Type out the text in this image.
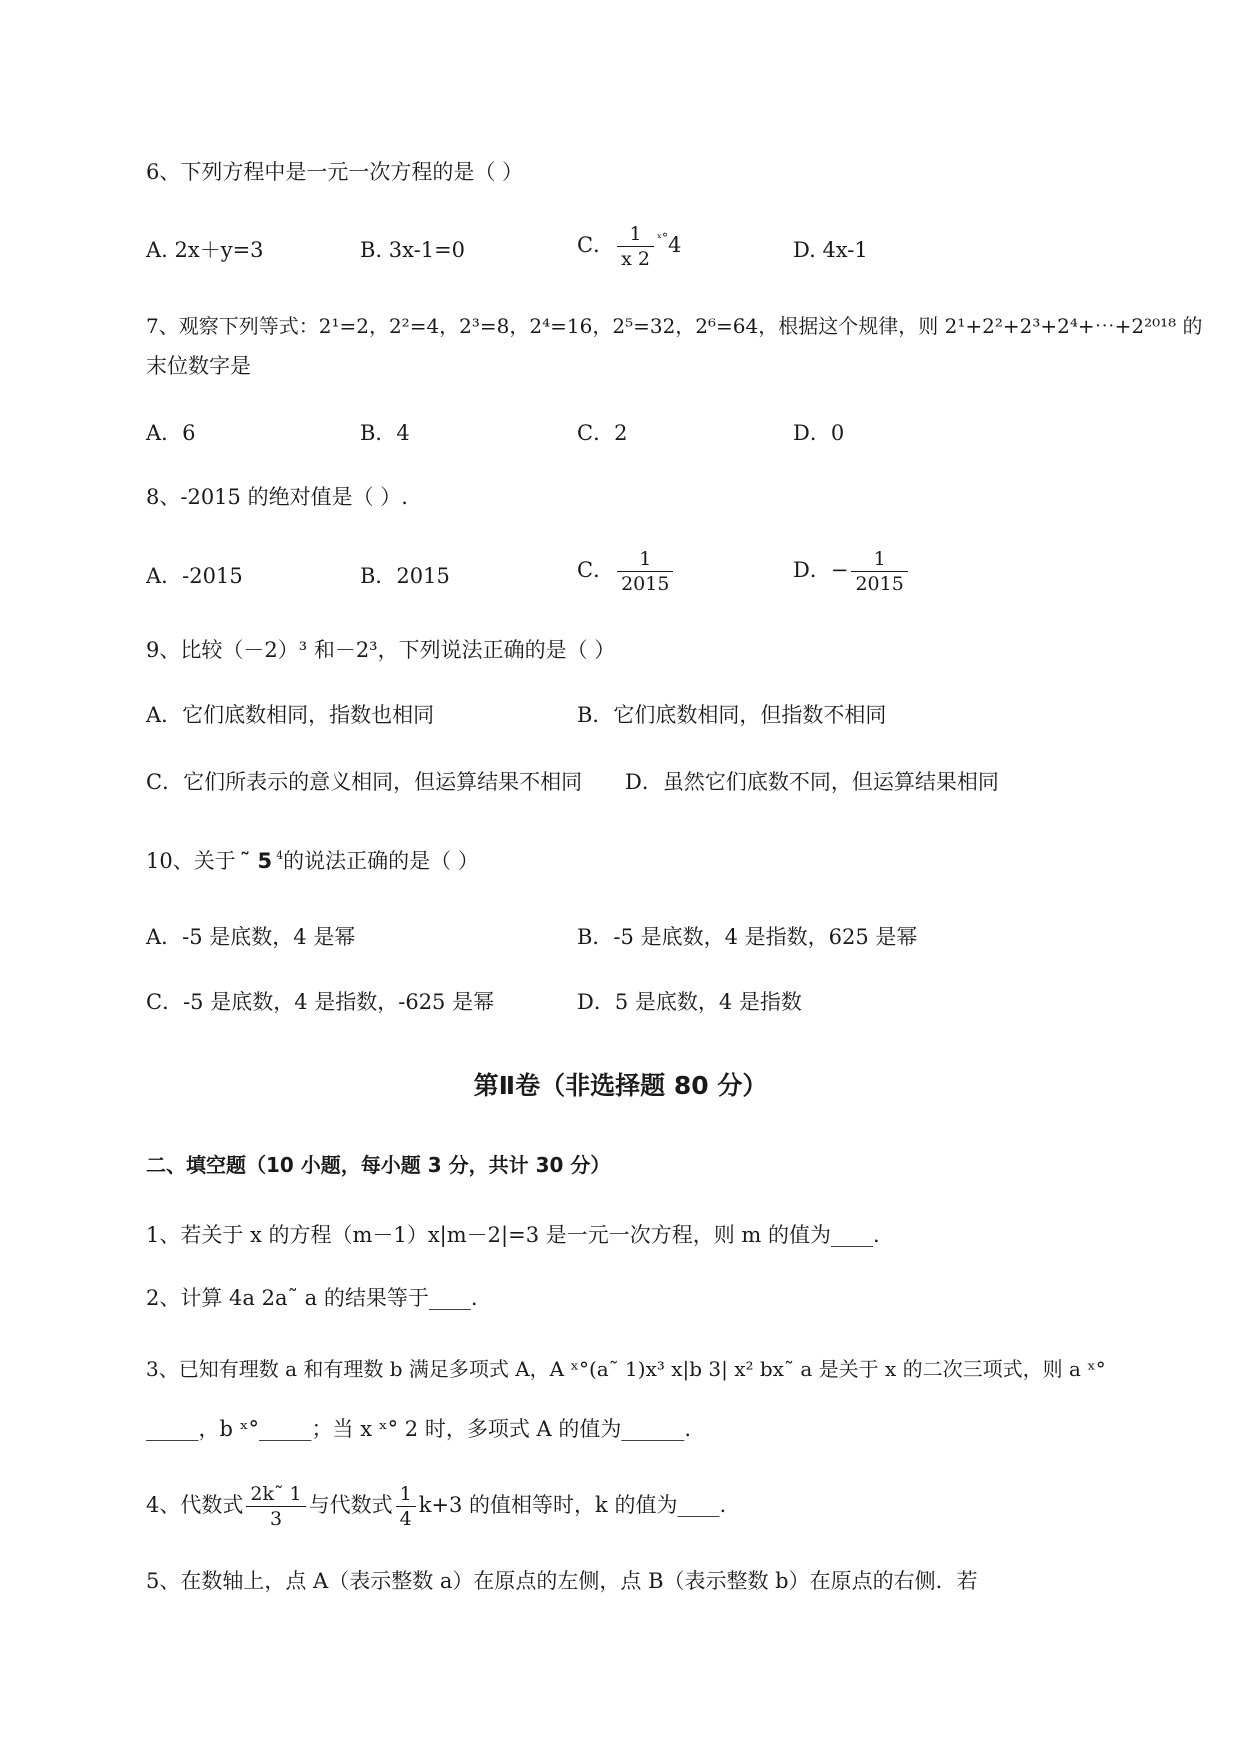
6、下列方程中是一元一次方程的是（ ）
A. 2x＋y=3	B. 3x-1=0	C． $\frac{1}{x 2} ^{ˣ^\circ}4$	D. 4x-1
7、观察下列等式：2¹=2，2²=4，2³=8，2⁴=16，2⁵=32，2⁶=64，根据这个规律，则 2¹+2²+2³+2⁴+⋯+2²⁰¹⁸ 的
末位数字是
A．6	B．4	C．2	D．0
8、-2015 的绝对值是（ ）.
A．-2015	B．2015	C． $\frac{1}{2015}$	D．− $\frac{1}{2015}$
9、比较（－2）³ 和－2³，下列说法正确的是（ ）
A．它们底数相同，指数也相同	B．它们底数相同，但指数不相同
C．它们所表示的意义相同，但运算结果不相同 D．虽然它们底数不同，但运算结果相同
10、关于 ˜ 5 $^4$的说法正确的是（ ）
A．-5 是底数，4 是幂	B．-5 是底数，4 是指数，625 是幂
C．-5 是底数，4 是指数，-625 是幂	D．5 是底数，4 是指数
第Ⅱ卷（非选择题 80 分）
二、填空题（10 小题，每小题 3 分，共计 30 分）
1、若关于 x 的方程（m－1）x|m－2|=3 是一元一次方程，则 m 的值为____.
2、计算 4a 2a˜ a 的结果等于____.
3、已知有理数 a 和有理数 b 满足多项式 A，A ˣ°(a˜ 1)x³ x|b 3| x² bx˜ a 是关于 x 的二次三项式，则 a ˣ°
_____，b ˣ°_____；当 x ˣ° 2 时，多项式 A 的值为______.
4、代数式 $\frac{2k˜ 1}{3}$ 与代数式 $\frac{1}{4} k+3$ 的值相等时，k 的值为____.
5、在数轴上，点 A（表示整数 a）在原点的左侧，点 B（表示整数 b）在原点的右侧．若
